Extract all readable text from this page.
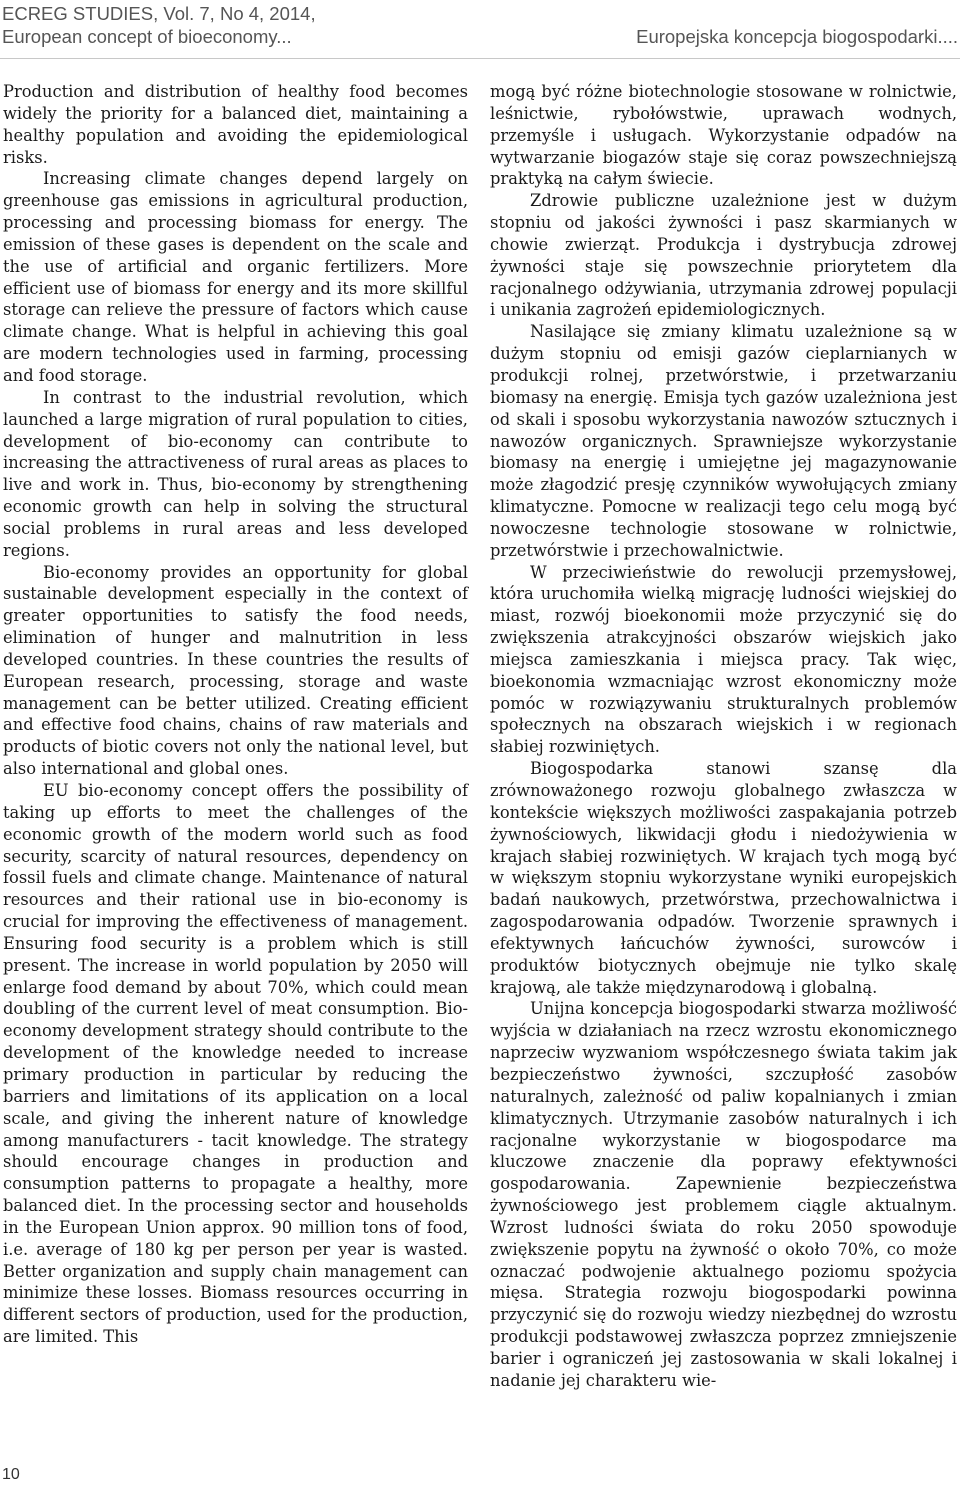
ECREG STUDIES, Vol. 7, No 4, 2014,
European concept of bioeconomy...	Europejska koncepcja biogospodarki....

Production and distribution of healthy food becomes widely the priority for a balanced diet, maintaining a healthy population and avoiding the epidemiological risks.

Increasing climate changes depend largely on greenhouse gas emissions in agricultural production, processing and processing biomass for energy. The emission of these gases is dependent on the scale and the use of artificial and organic fertilizers. More efficient use of biomass for energy and its more skillful storage can relieve the pressure of factors which cause climate change. What is helpful in achieving this goal are modern technologies used in farming, processing and food storage.

In contrast to the industrial revolution, which launched a large migration of rural population to cities, development of bio-economy can contribute to increasing the attractiveness of rural areas as places to live and work in. Thus, bio-economy by strengthening economic growth can help in solving the structural social problems in rural areas and less developed regions.

Bio-economy provides an opportunity for global sustainable development especially in the context of greater opportunities to satisfy the food needs, elimination of hunger and malnutrition in less developed countries. In these countries the results of European research, processing, storage and waste management can be better utilized. Creating efficient and effective food chains, chains of raw materials and products of biotic covers not only the national level, but also international and global ones.

EU bio-economy concept offers the possibility of taking up efforts to meet the challenges of the economic growth of the modern world such as food security, scarcity of natural resources, dependency on fossil fuels and climate change. Maintenance of natural resources and their rational use in bio-economy is crucial for improving the effectiveness of management. Ensuring food security is a problem which is still present. The increase in world population by 2050 will enlarge food demand by about 70%, which could mean doubling of the current level of meat consumption. Bio-economy development strategy should contribute to the development of the knowledge needed to increase primary production in particular by reducing the barriers and limitations of its application on a local scale, and giving the inherent nature of knowledge among manufacturers - tacit knowledge. The strategy should encourage changes in production and consumption patterns to propagate a healthy, more balanced diet. In the processing sector and households in the European Union approx. 90 million tons of food, i.e. average of 180 kg per person per year is wasted. Better organization and supply chain management can minimize these losses. Biomass resources occurring in different sectors of production, used for the production, are limited. This

mogą być różne biotechnologie stosowane w rolnictwie, leśnictwie, rybołówstwie, uprawach wodnych, przemyśle i usługach. Wykorzystanie odpadów na wytwarzanie biogazów staje się coraz powszechniejszą praktyką na całym świecie.

Zdrowie publiczne uzależnione jest w dużym stopniu od jakości żywności i pasz skarmianych w chowie zwierząt. Produkcja i dystrybucja zdrowej żywności staje się powszechnie priorytetem dla racjonalnego odżywiania, utrzymania zdrowej populacji i unikania zagrożeń epidemiologicznych.

Nasilające się zmiany klimatu uzależnione są w dużym stopniu od emisji gazów cieplarnianych w produkcji rolnej, przetwórstwie, i przetwarzaniu biomasy na energię. Emisja tych gazów uzależniona jest od skali i sposobu wykorzystania nawozów sztucznych i nawozów organicznych. Sprawniejsze wykorzystanie biomasy na energię i umiejętne jej magazynowanie może złagodzić presję czynników wywołujących zmiany klimatyczne. Pomocne w realizacji tego celu mogą być nowoczesne technologie stosowane w rolnictwie, przetwórstwie i przechowalnictwie.

W przeciwieństwie do rewolucji przemysłowej, która uruchomiła wielką migrację ludności wiejskiej do miast, rozwój bioekonomii może przyczynić się do zwiększenia atrakcyjności obszarów wiejskich jako miejsca zamieszkania i miejsca pracy. Tak więc, bioekonomia wzmacniając wzrost ekonomiczny może pomóc w rozwiązywaniu strukturalnych problemów społecznych na obszarach wiejskich i w regionach słabiej rozwiniętych.

Biogospodarka stanowi szansę dla zrównoważonego rozwoju globalnego zwłaszcza w kontekście większych możliwości zaspakajania potrzeb żywnościowych, likwidacji głodu i niedożywienia w krajach słabiej rozwiniętych. W krajach tych mogą być w większym stopniu wykorzystane wyniki europejskich badań naukowych, przetwórstwa, przechowalnictwa i zagospodarowania odpadów. Tworzenie sprawnych i efektywnych łańcuchów żywności, surowców i produktów biotycznych obejmuje nie tylko skalę krajową, ale także międzynarodową i globalną.

Unijna koncepcja biogospodarki stwarza możliwość wyjścia w działaniach na rzecz wzrostu ekonomicznego naprzeciw wyzwaniom współczesnego świata takim jak bezpieczeństwo żywności, szczupłość zasobów naturalnych, zależność od paliw kopalnianych i zmian klimatycznych. Utrzymanie zasobów naturalnych i ich racjonalne wykorzystanie w biogospodarce ma kluczowe znaczenie dla poprawy efektywności gospodarowania. Zapewnienie bezpieczeństwa żywnościowego jest problemem ciągle aktualnym. Wzrost ludności świata do roku 2050 spowoduje zwiększenie popytu na żywność o około 70%, co może oznaczać podwojenie aktualnego poziomu spożycia mięsa. Strategia rozwoju biogospodarki powinna przyczynić się do rozwoju wiedzy niezbędnej do wzrostu produkcji podstawowej zwłaszcza poprzez zmniejszenie barier i ograniczeń jej zastosowania w skali lokalnej i nadanie jej charakteru wie-

10
